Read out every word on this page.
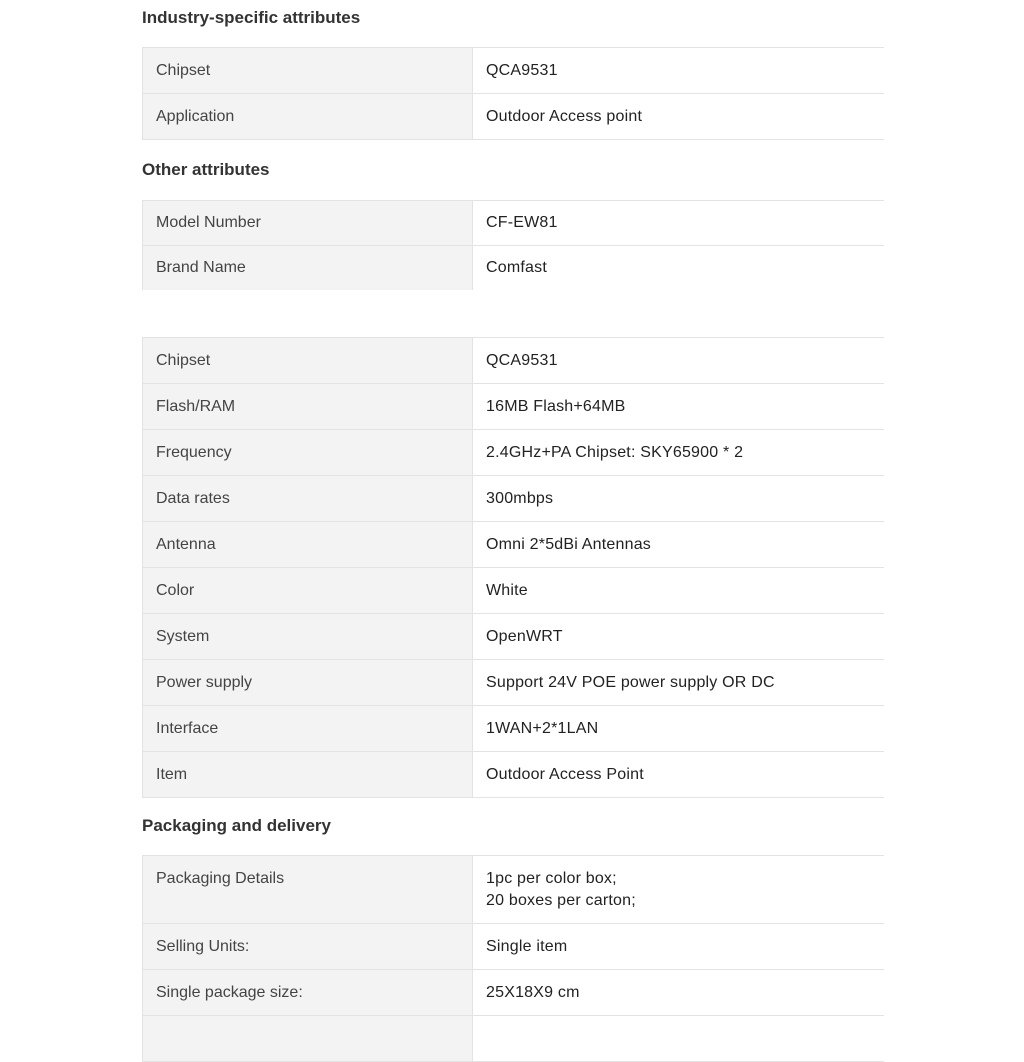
Industry-specific attributes
Chipset	QCA9531
Application	Outdoor Access point
Other attributes
Model Number	CF-EW81
Brand Name	Comfast
Chipset	QCA9531
Flash/RAM	16MB Flash+64MB
Frequency	2.4GHz+PA Chipset: SKY65900 * 2
Data rates	300mbps
Antenna	Omni 2*5dBi Antennas
Color	White
System	OpenWRT
Power supply	Support 24V POE power supply OR DC
Interface	1WAN+2*1LAN
Item	Outdoor Access Point
Packaging and delivery
Packaging Details	1pc per color box;
20 boxes per carton;

Selling Units:	Single item
Single package size:	25X18X9 cm
